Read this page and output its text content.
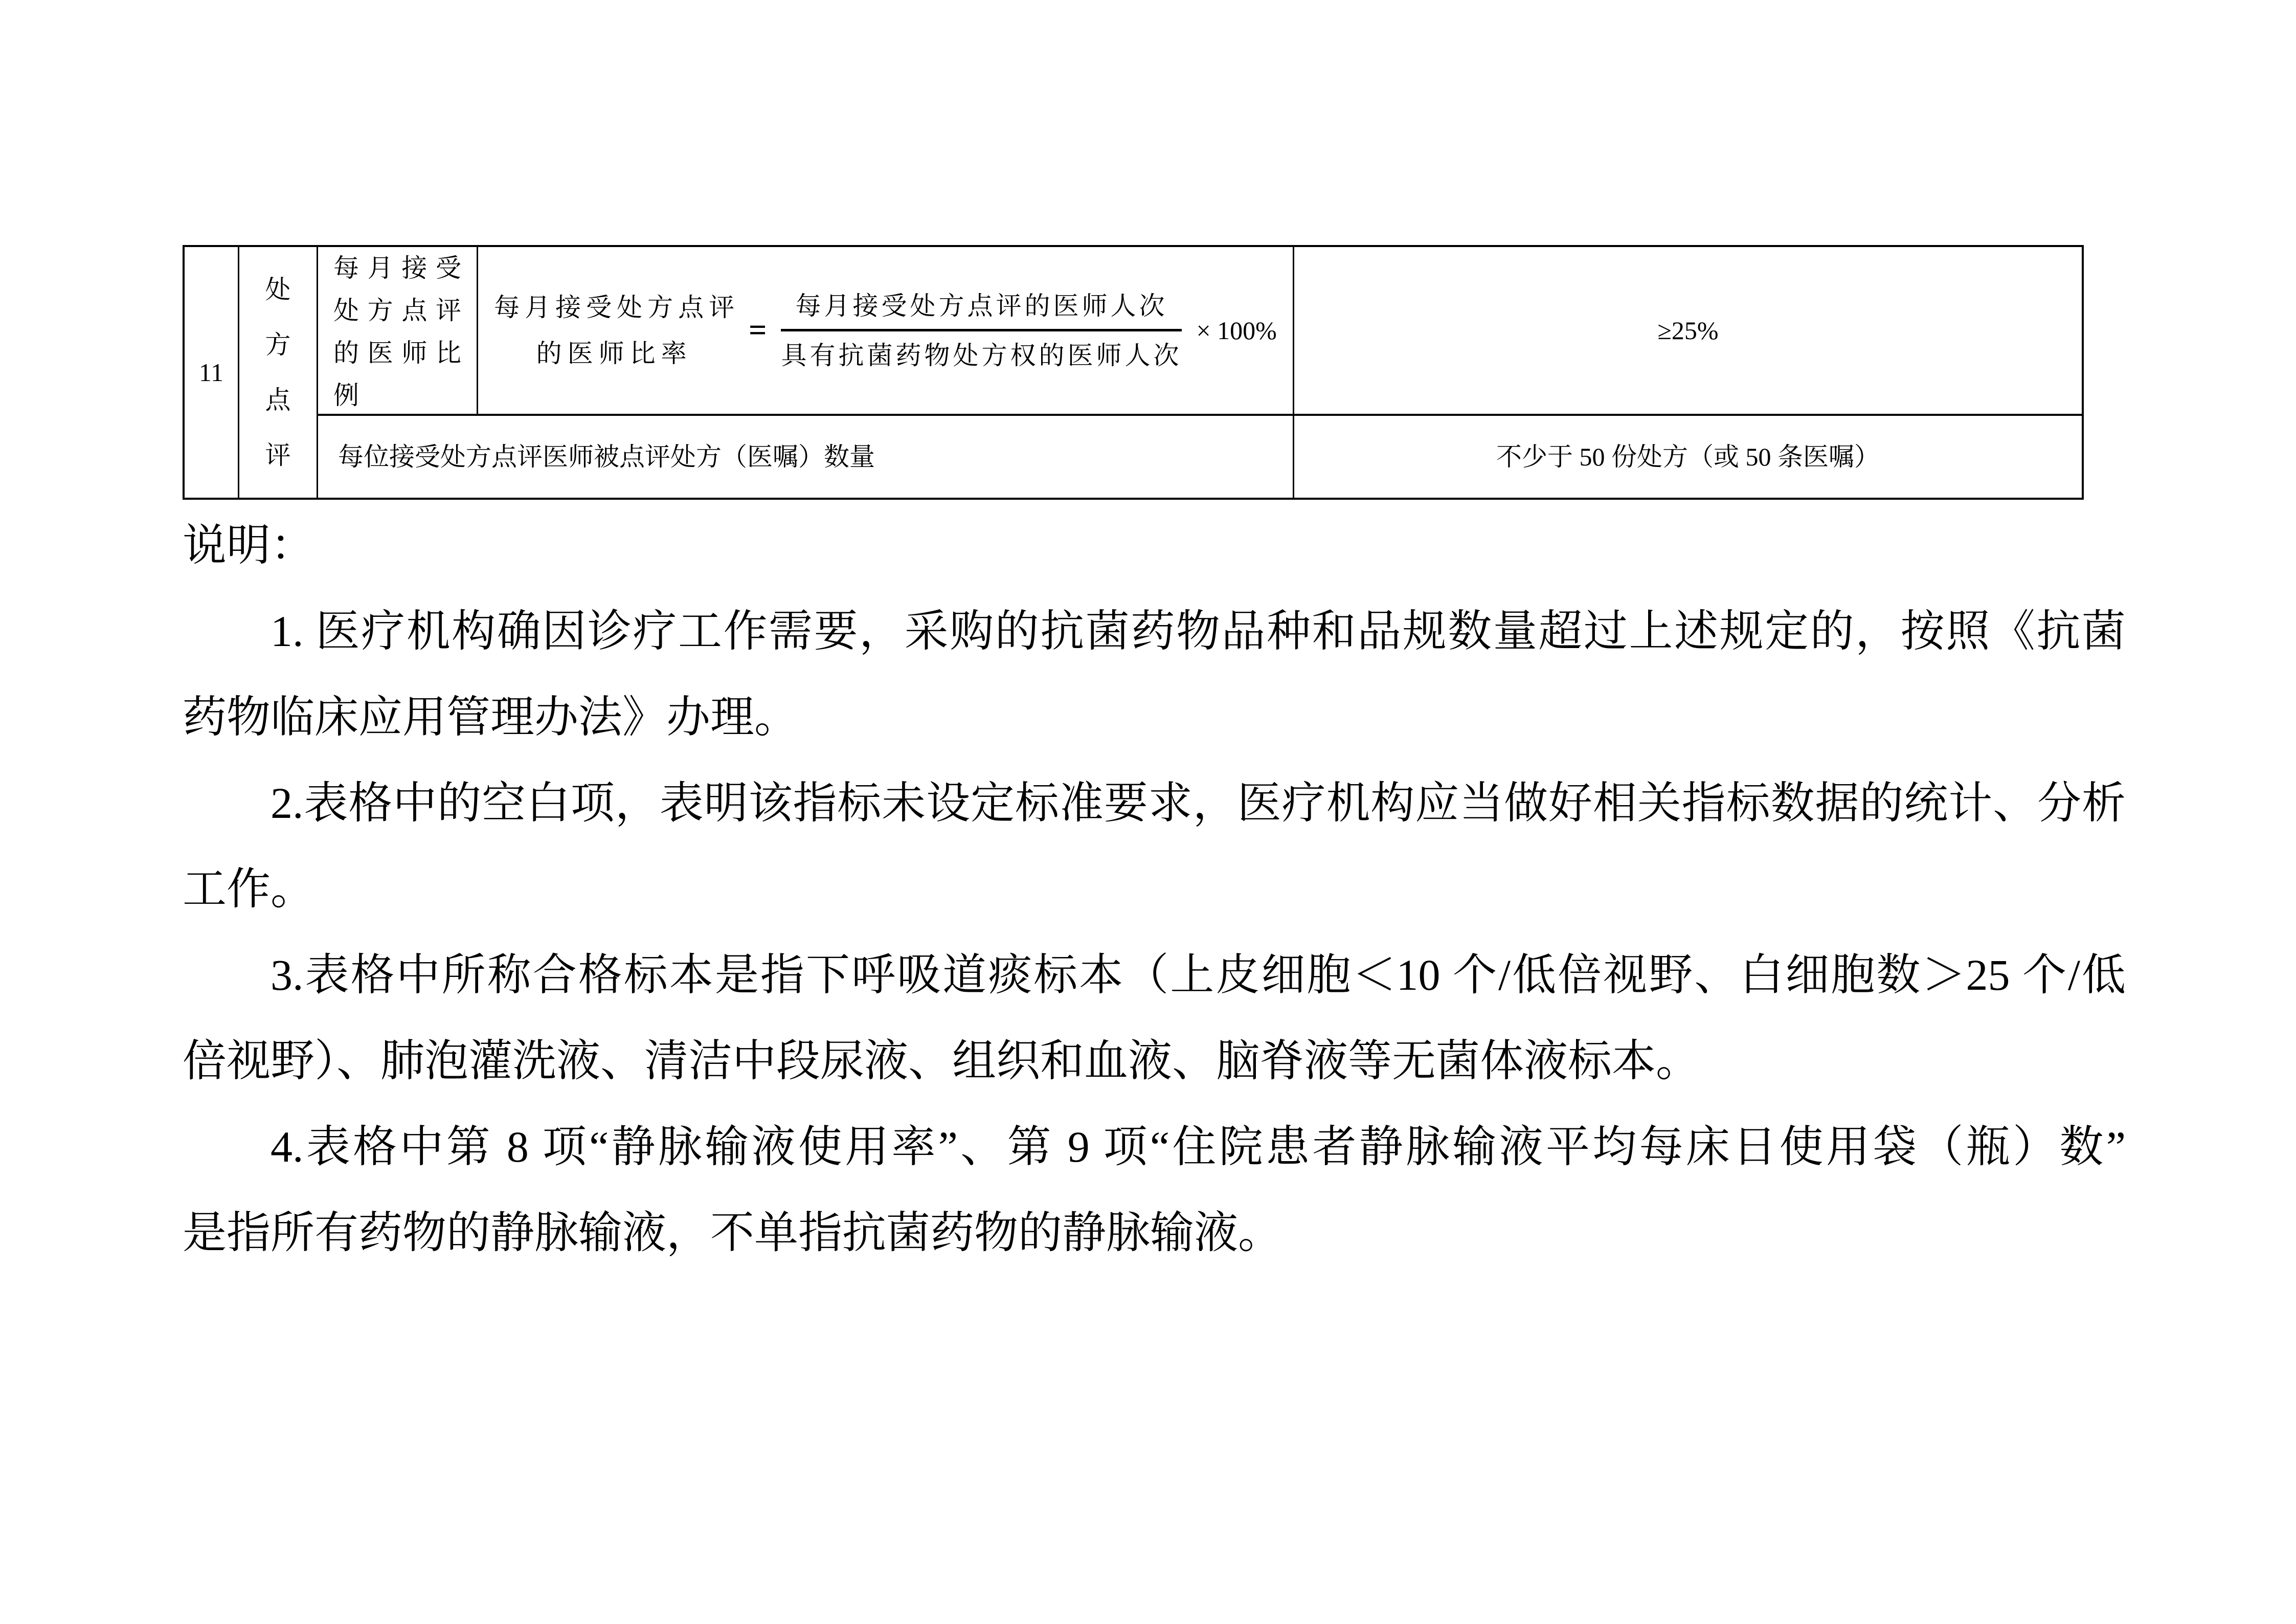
11
处
方
点
评
每月接受
处方点评
的医师比
例
每月接受处方点评
的医师比率
=
每月接受处方点评的医师人次
具有抗菌药物处方权的医师人次
× 100%	≥25%
每位接受处方点评医师被点评处方（医嘱）数量	不少于 50 份处方（或 50 条医嘱）
说明：
1. 医疗机构确因诊疗工作需要，采购的抗菌药物品种和品规数量超过上述规定的，按照《抗菌
药物临床应用管理办法》办理。
2.表格中的空白项，表明该指标未设定标准要求，医疗机构应当做好相关指标数据的统计、分析
工作。
3.表格中所称合格标本是指下呼吸道痰标本（上皮细胞＜10 个/低倍视野、白细胞数＞25 个/低
倍视野）、肺泡灌洗液、清洁中段尿液、组织和血液、脑脊液等无菌体液标本。
4.表格中第 8 项“静脉输液使用率”、第 9 项“住院患者静脉输液平均每床日使用袋（瓶）数”
是指所有药物的静脉输液，不单指抗菌药物的静脉输液。
